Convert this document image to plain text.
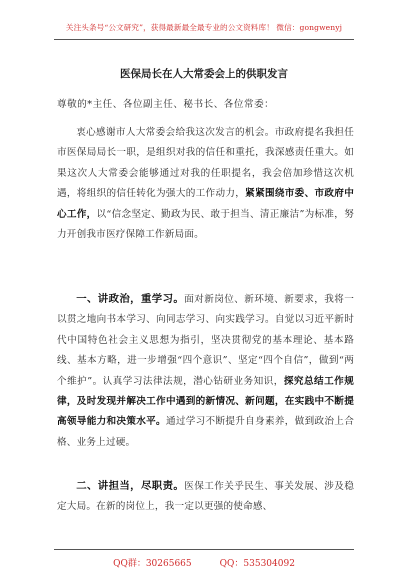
关注头条号“公文研究”，获得最新最全最专业的公文资料库！ 微信：gongwenyj
医保局长在人大常委会上的供职发言
尊敬的*主任、各位副主任、秘书长、各位常委：

衷心感谢市人大常委会给我这次发言的机会。市政府提名我担任市医保局局长一职，是组织对我的信任和重托，我深感责任重大。如果这次人大常委会能够通过对我的任职提名，我会倍加珍惜这次机遇，将组织的信任转化为强大的工作动力，紧紧围绕市委、市政府中心工作，以“信念坚定、勤政为民、敢于担当、清正廉洁”为标准，努力开创我市医疗保障工作新局面。

一、讲政治，重学习。面对新岗位、新环境、新要求，我将一以贯之地向书本学习、向同志学习、向实践学习。自觉以习近平新时代中国特色社会主义思想为指引，坚决贯彻党的基本理论、基本路线、基本方略，进一步增强“四个意识”、坚定“四个自信”，做到“两个维护”。认真学习法律法规，潜心钻研业务知识，探究总结工作规律，及时发现并解决工作中遇到的新情况、新问题，在实践中不断提高领导能力和决策水平。通过学习不断提升自身素养，做到政治上合格、业务上过硬。

二、讲担当，尽职责。医保工作关乎民生、事关发展、涉及稳定大局。在新的岗位上，我一定以更强的使命感、

QQ群：30265665	QQ：535304092
